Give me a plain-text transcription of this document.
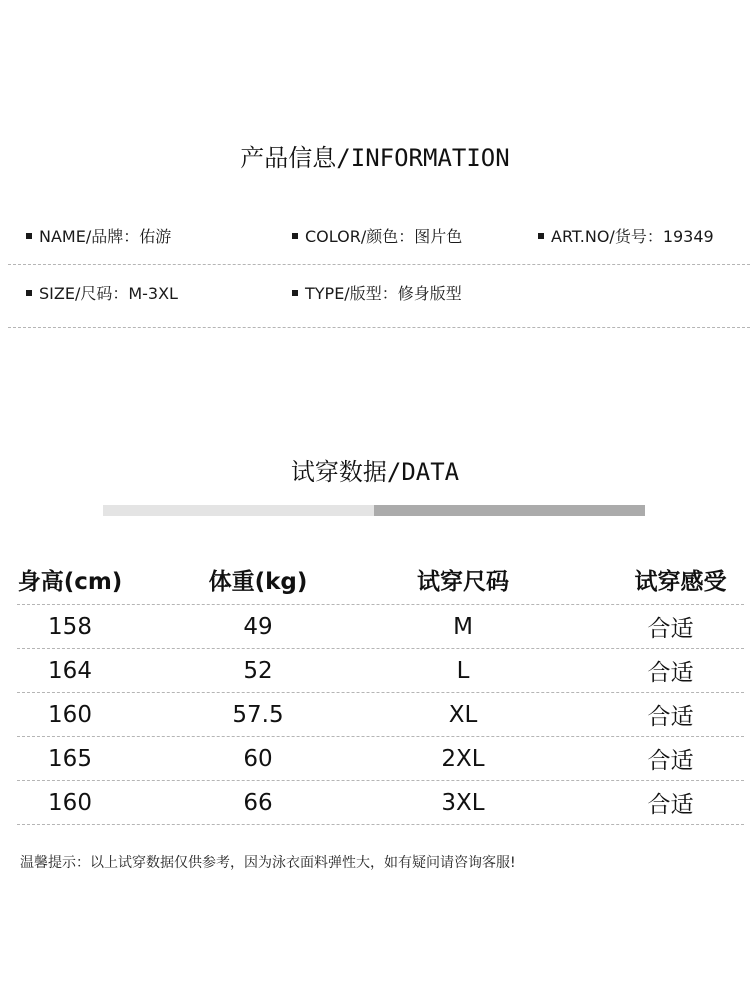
产品信息/INFORMATION
NAME/品牌：佑游	COLOR/颜色：图片色	ART.NO/货号：19349
SIZE/尺码：M-3XL	TYPE/版型：修身版型
试穿数据/DATA
身高(cm)	体重(kg)	试穿尺码	试穿感受
158	49	M	合适
164	52	L	合适
160	57.5	XL	合适
165	60	2XL	合适
160	66	3XL	合适
温馨提示：以上试穿数据仅供参考，因为泳衣面料弹性大，如有疑问请咨询客服!
